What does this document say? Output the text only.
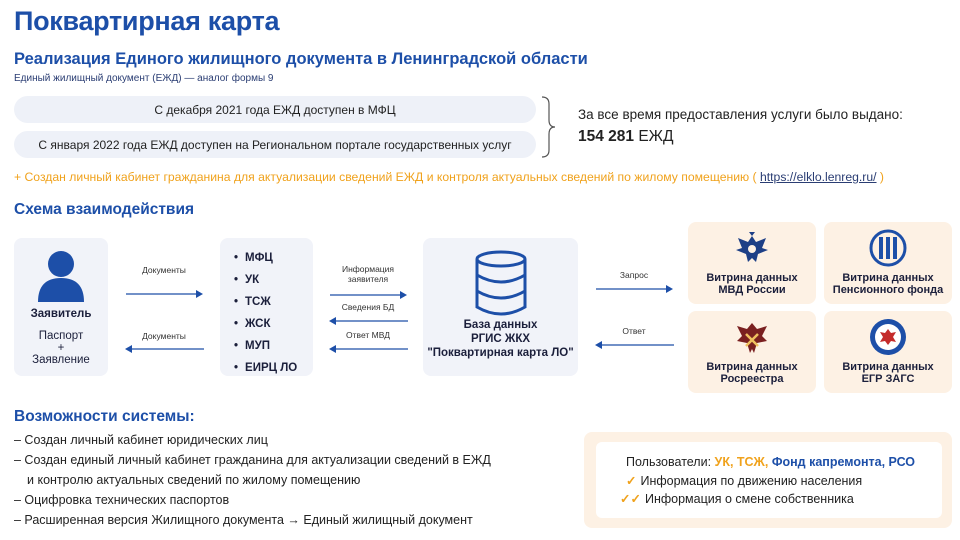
Поквартирная карта
Реализация Единого жилищного документа в Ленинградской области
Единый жилищный документ (ЕЖД) — аналог формы 9
С декабря 2021 года ЕЖД доступен в МФЦ
С января 2022 года ЕЖД доступен на Региональном портале государственных услуг
За все время предоставления услуги было выдано:
154 281 ЕЖД
+ Создан личный кабинет гражданина для актуализации сведений ЕЖД и контроля актуальных сведений по жилому помещению ( https://elklo.lenreg.ru/ )
Схема взаимодействия
Заявитель
Паспорт
+
Заявление
Документы
Документы
• МФЦ
• УК
• ТСЖ
• ЖСК
• МУП
• ЕИРЦ ЛО
Информация
заявителя
Сведения БД
Ответ МВД
База данных
РГИС ЖКХ
"Поквартирная карта ЛО"
Запрос
Ответ
Витрина данных
МВД России
Витрина данных
Пенсионного фонда
Витрина данных
Росреестра
Витрина данных
ЕГР ЗАГС
Возможности системы:
– Создан личный кабинет юридических лиц
– Создан единый личный кабинет гражданина для актуализации сведений в ЕЖД
и контролю актуальных сведений по жилому помещению
– Оцифровка технических паспортов
– Расширенная версия Жилищного документа → Единый жилищный документ
Пользователи: УК, ТСЖ, Фонд капремонта, РСО
✓ Информация по движению населения
✓✓ Информация о смене собственника
